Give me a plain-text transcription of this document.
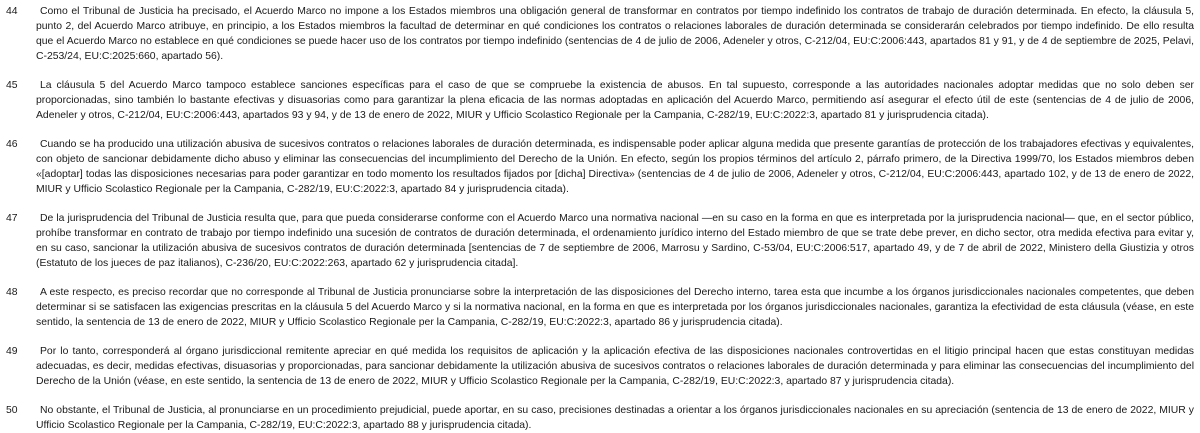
44	Como el Tribunal de Justicia ha precisado, el Acuerdo Marco no impone a los Estados miembros una obligación general de transformar en contratos por tiempo indefinido los contratos de trabajo de duración determinada. En efecto, la cláusula 5, punto 2, del Acuerdo Marco atribuye, en principio, a los Estados miembros la facultad de determinar en qué condiciones los contratos o relaciones laborales de duración determinada se considerarán celebrados por tiempo indefinido. De ello resulta que el Acuerdo Marco no establece en qué condiciones se puede hacer uso de los contratos por tiempo indefinido (sentencias de 4 de julio de 2006, Adeneler y otros, C‑212/04, EU:C:2006:443, apartados 81 y 91, y de 4 de septiembre de 2025, Pelavi, C‑253/24, EU:C:2025:660, apartado 56).
45	La cláusula 5 del Acuerdo Marco tampoco establece sanciones específicas para el caso de que se compruebe la existencia de abusos. En tal supuesto, corresponde a las autoridades nacionales adoptar medidas que no solo deben ser proporcionadas, sino también lo bastante efectivas y disuasorias como para garantizar la plena eficacia de las normas adoptadas en aplicación del Acuerdo Marco, permitiendo así asegurar el efecto útil de este (sentencias de 4 de julio de 2006, Adeneler y otros, C‑212/04, EU:C:2006:443, apartados 93 y 94, y de 13 de enero de 2022, MIUR y Ufficio Scolastico Regionale per la Campania, C‑282/19, EU:C:2022:3, apartado 81 y jurisprudencia citada).
46	Cuando se ha producido una utilización abusiva de sucesivos contratos o relaciones laborales de duración determinada, es indispensable poder aplicar alguna medida que presente garantías de protección de los trabajadores efectivas y equivalentes, con objeto de sancionar debidamente dicho abuso y eliminar las consecuencias del incumplimiento del Derecho de la Unión. En efecto, según los propios términos del artículo 2, párrafo primero, de la Directiva 1999/70, los Estados miembros deben «[adoptar] todas las disposiciones necesarias para poder garantizar en todo momento los resultados fijados por [dicha] Directiva» (sentencias de 4 de julio de 2006, Adeneler y otros, C‑212/04, EU:C:2006:443, apartado 102, y de 13 de enero de 2022, MIUR y Ufficio Scolastico Regionale per la Campania, C‑282/19, EU:C:2022:3, apartado 84 y jurisprudencia citada).
47	De la jurisprudencia del Tribunal de Justicia resulta que, para que pueda considerarse conforme con el Acuerdo Marco una normativa nacional —en su caso en la forma en que es interpretada por la jurisprudencia nacional— que, en el sector público, prohíbe transformar en contrato de trabajo por tiempo indefinido una sucesión de contratos de duración determinada, el ordenamiento jurídico interno del Estado miembro de que se trate debe prever, en dicho sector, otra medida efectiva para evitar y, en su caso, sancionar la utilización abusiva de sucesivos contratos de duración determinada [sentencias de 7 de septiembre de 2006, Marrosu y Sardino, C‑53/04, EU:C:2006:517, apartado 49, y de 7 de abril de 2022, Ministero della Giustizia y otros (Estatuto de los jueces de paz italianos), C‑236/20, EU:C:2022:263, apartado 62 y jurisprudencia citada].
48	A este respecto, es preciso recordar que no corresponde al Tribunal de Justicia pronunciarse sobre la interpretación de las disposiciones del Derecho interno, tarea esta que incumbe a los órganos jurisdiccionales nacionales competentes, que deben determinar si se satisfacen las exigencias prescritas en la cláusula 5 del Acuerdo Marco y si la normativa nacional, en la forma en que es interpretada por los órganos jurisdiccionales nacionales, garantiza la efectividad de esta cláusula (véase, en este sentido, la sentencia de 13 de enero de 2022, MIUR y Ufficio Scolastico Regionale per la Campania, C‑282/19, EU:C:2022:3, apartado 86 y jurisprudencia citada).
49	Por lo tanto, corresponderá al órgano jurisdiccional remitente apreciar en qué medida los requisitos de aplicación y la aplicación efectiva de las disposiciones nacionales controvertidas en el litigio principal hacen que estas constituyan medidas adecuadas, es decir, medidas efectivas, disuasorias y proporcionadas, para sancionar debidamente la utilización abusiva de sucesivos contratos o relaciones laborales de duración determinada y para eliminar las consecuencias del incumplimiento del Derecho de la Unión (véase, en este sentido, la sentencia de 13 de enero de 2022, MIUR y Ufficio Scolastico Regionale per la Campania, C‑282/19, EU:C:2022:3, apartado 87 y jurisprudencia citada).
50	No obstante, el Tribunal de Justicia, al pronunciarse en un procedimiento prejudicial, puede aportar, en su caso, precisiones destinadas a orientar a los órganos jurisdiccionales nacionales en su apreciación (sentencia de 13 de enero de 2022, MIUR y Ufficio Scolastico Regionale per la Campania, C‑282/19, EU:C:2022:3, apartado 88 y jurisprudencia citada).
